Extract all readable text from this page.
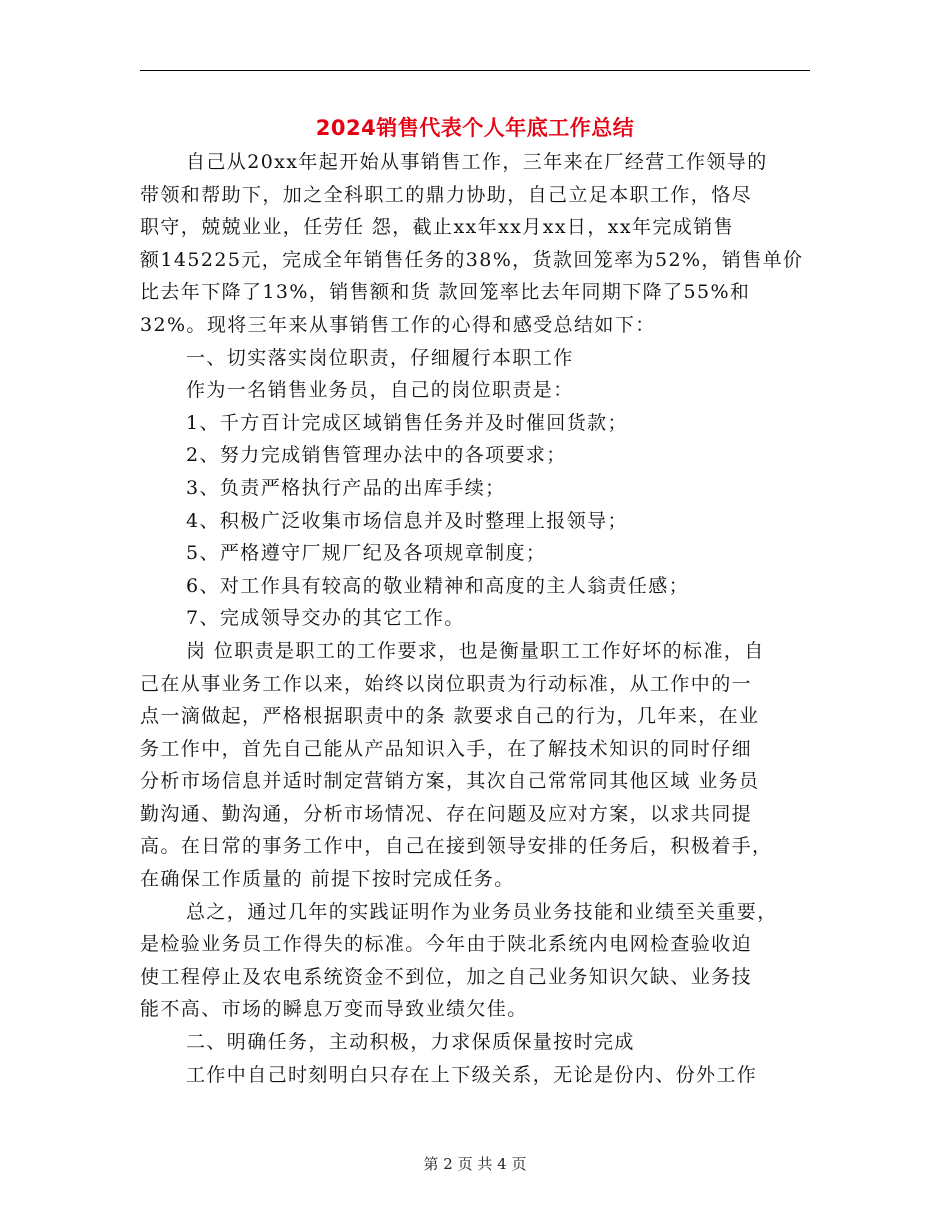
2024销售代表个人年底工作总结
自己从20xx年起开始从事销售工作，三年来在厂经营工作领导的
带领和帮助下，加之全科职工的鼎力协助，自己立足本职工作，恪尽
职守，兢兢业业，任劳任 怨，截止xx年xx月xx日，xx年完成销售
额145225元，完成全年销售任务的38%，货款回笼率为52%，销售单价
比去年下降了13%，销售额和货 款回笼率比去年同期下降了55%和
32%。现将三年来从事销售工作的心得和感受总结如下：
一、切实落实岗位职责，仔细履行本职工作
作为一名销售业务员，自己的岗位职责是：
1、千方百计完成区域销售任务并及时催回货款；
2、努力完成销售管理办法中的各项要求；
3、负责严格执行产品的出库手续；
4、积极广泛收集市场信息并及时整理上报领导；
5、严格遵守厂规厂纪及各项规章制度；
6、对工作具有较高的敬业精神和高度的主人翁责任感；
7、完成领导交办的其它工作。
岗 位职责是职工的工作要求，也是衡量职工工作好坏的标准，自
己在从事业务工作以来，始终以岗位职责为行动标准，从工作中的一
点一滴做起，严格根据职责中的条 款要求自己的行为，几年来，在业
务工作中，首先自己能从产品知识入手，在了解技术知识的同时仔细
分析市场信息并适时制定营销方案，其次自己常常同其他区域 业务员
勤沟通、勤沟通，分析市场情况、存在问题及应对方案，以求共同提
高。在日常的事务工作中，自己在接到领导安排的任务后，积极着手，
在确保工作质量的 前提下按时完成任务。
总之，通过几年的实践证明作为业务员业务技能和业绩至关重要，
是检验业务员工作得失的标准。今年由于陕北系统内电网检查验收迫
使工程停止及农电系统资金不到位，加之自己业务知识欠缺、业务技
能不高、市场的瞬息万变而导致业绩欠佳。
二、明确任务，主动积极，力求保质保量按时完成
工作中自己时刻明白只存在上下级关系，无论是份内、份外工作
第 2 页 共 4 页
